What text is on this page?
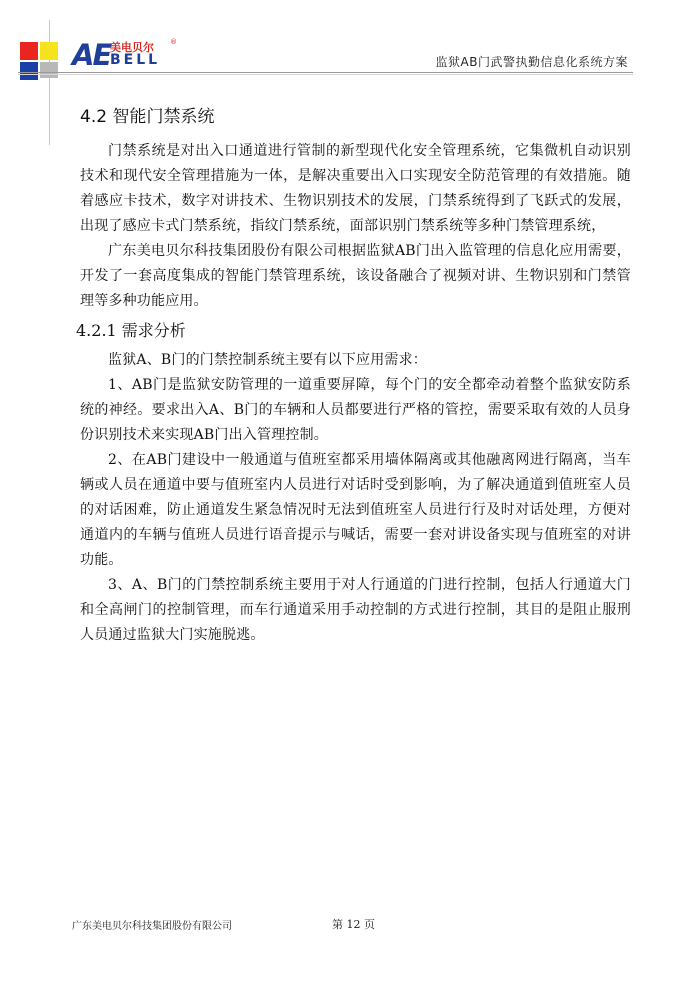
AE 美电贝尔
BELL
®
监狱AB门武警执勤信息化系统方案
4.2 智能门禁系统

门禁系统是对出入口通道进行管制的新型现代化安全管理系统，它集微机自动识别技术和现代安全管理措施为一体，是解决重要出入口实现安全防范管理的有效措施。随着感应卡技术，数字对讲技术、生物识别技术的发展，门禁系统得到了飞跃式的发展，出现了感应卡式门禁系统，指纹门禁系统，面部识别门禁系统等多种门禁管理系统，

广东美电贝尔科技集团股份有限公司根据监狱AB门出入监管理的信息化应用需要，开发了一套高度集成的智能门禁管理系统，该设备融合了视频对讲、生物识别和门禁管理等多种功能应用。

4.2.1 需求分析

监狱A、B门的门禁控制系统主要有以下应用需求：

1、AB门是监狱安防管理的一道重要屏障，每个门的安全都牵动着整个监狱安防系统的神经。要求出入A、B门的车辆和人员都要进行严格的管控，需要采取有效的人员身份识别技术来实现AB门出入管理控制。

2、在AB门建设中一般通道与值班室都采用墙体隔离或其他融离网进行隔离，当车辆或人员在通道中要与值班室内人员进行对话时受到影响，为了解决通道到值班室人员的对话困难，防止通道发生紧急情况时无法到值班室人员进行行及时对话处理，方便对通道内的车辆与值班人员进行语音提示与喊话，需要一套对讲设备实现与值班室的对讲功能。

3、A、B门的门禁控制系统主要用于对人行通道的门进行控制，包括人行通道大门和全高闸门的控制管理，而车行通道采用手动控制的方式进行控制，其目的是阻止服刑人员通过监狱大门实施脱逃。

广东美电贝尔科技集团股份有限公司	第 12 页
